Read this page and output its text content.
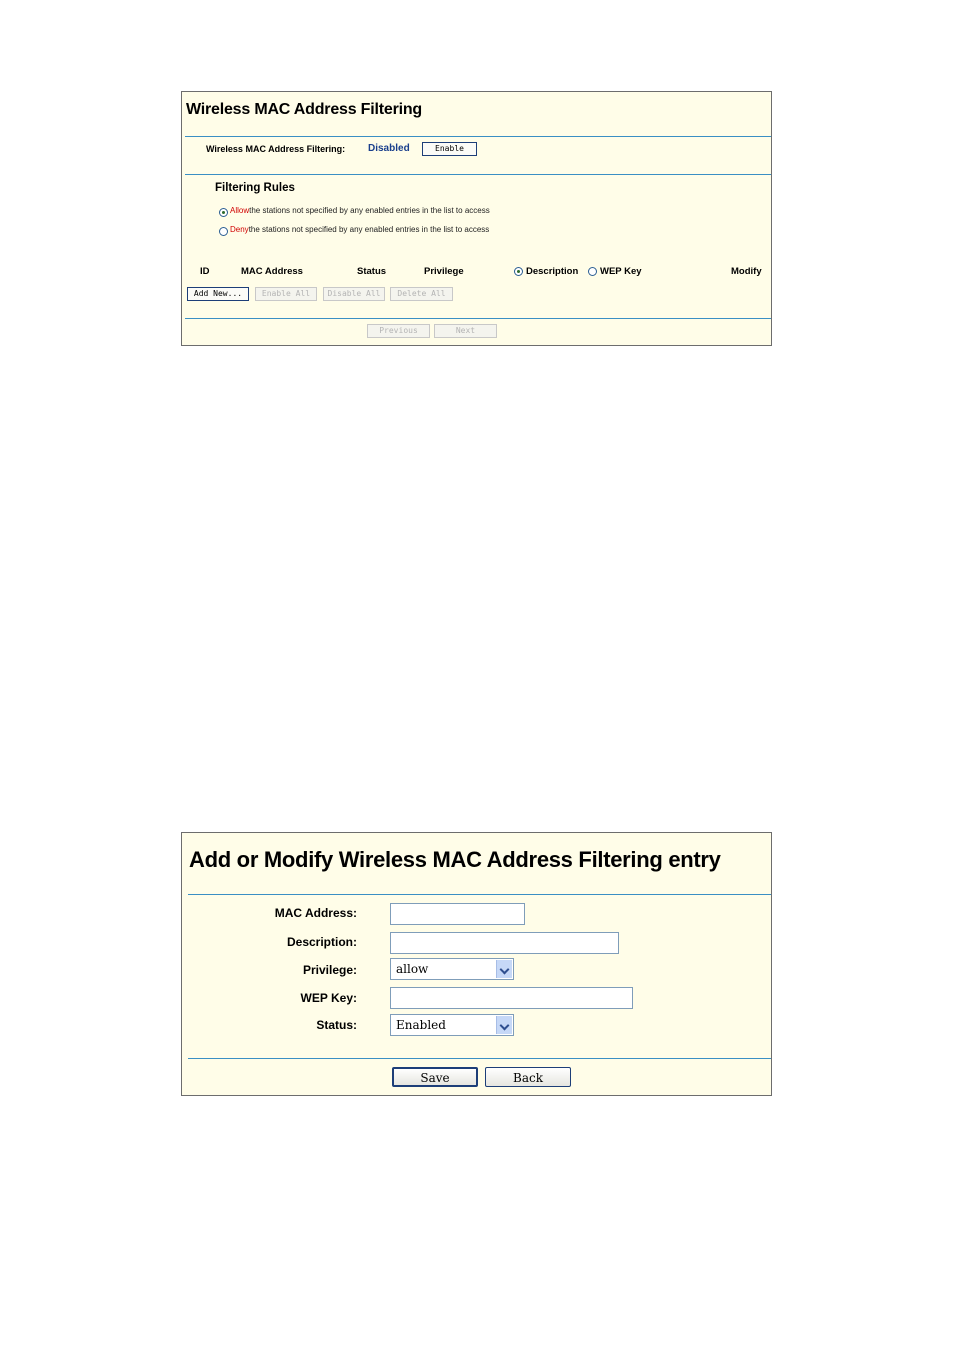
Wireless MAC Address Filtering
Wireless MAC Address Filtering: Disabled	Enable
Filtering Rules
Allowthe stations not specified by any enabled entries in the list to access
Denythe stations not specified by any enabled entries in the list to access
ID	MAC Address	Status	Privilege	Description WEP Key	Modify
Add New...	Enable All	Disable All	Delete All
Previous	Next
Add or Modify Wireless MAC Address Filtering entry
MAC Address:
Description:
Privilege:	allow
WEP Key:
Status:	Enabled
Save	Back
